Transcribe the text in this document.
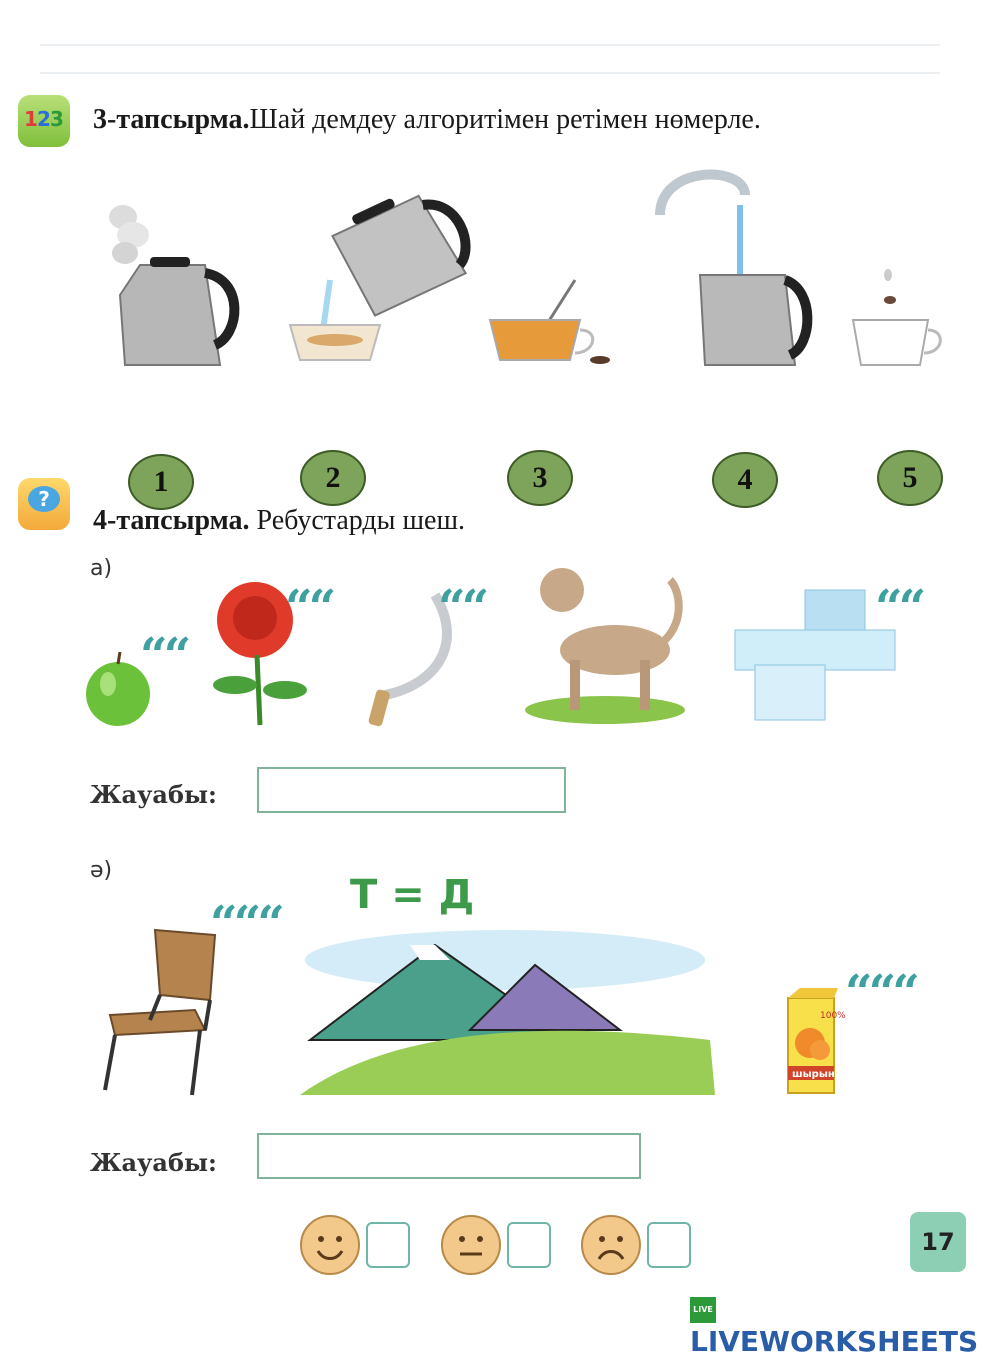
1 2 3 3-тапсырма.Шай демдеу алгоритімен ретімен нөмерле.
1	2	3	4	5
?
4-тапсырма. Ребустарды шеш.
а)
““
““ ““	““
Жауабы:
ә)
Т = Д
“““
100%
шырын
“““
Жауабы:
17
LIVELIVEWORKSHEETS
